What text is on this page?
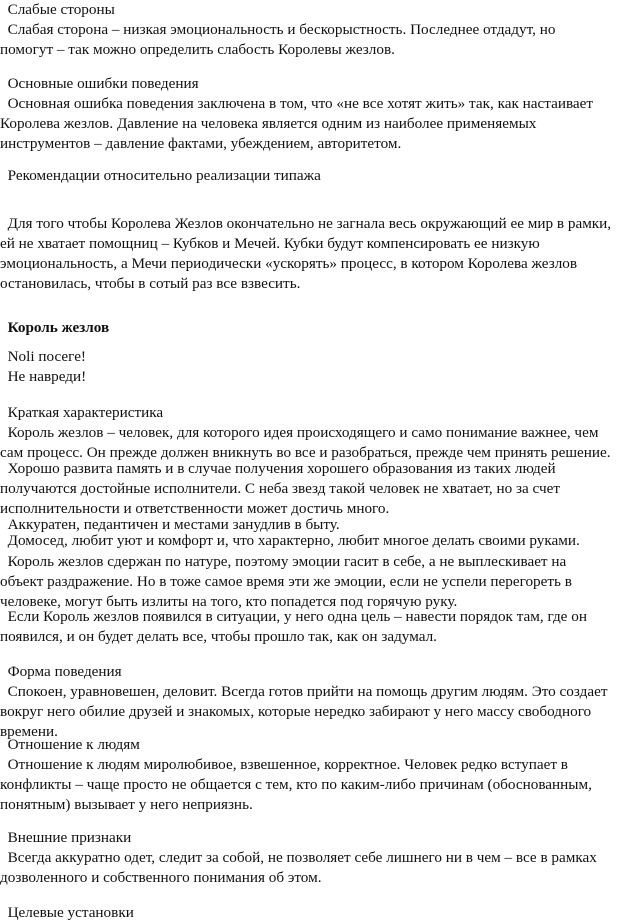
Слабые стороны

Слабая сторона – низкая эмоциональность и бескорыстность. Последнее отдадут, но помогут – так можно определить слабость Королевы жезлов.

Основные ошибки поведения

Основная ошибка поведения заключена в том, что «не все хотят жить» так, как настаивает Королева жезлов. Давление на человека является одним из наиболее применяемых инструментов – давление фактами, убеждением, авторитетом.

Рекомендации относительно реализации типажа

Для того чтобы Королева Жезлов окончательно не загнала весь окружающий ее мир в рамки, ей не хватает помощниц – Кубков и Мечей. Кубки будут компенсировать ее низкую эмоциональность, а Мечи периодически «ускорять» процесс, в котором Королева жезлов остановилась, чтобы в сотый раз все взвесить.

Король жезлов

Noli посеге!

Не навреди!

Краткая характеристика

Король жезлов – человек, для которого идея происходящего и само понимание важнее, чем сам процесс. Он прежде должен вникнуть во все и разобраться, прежде чем принять решение.

Хорошо развита память и в случае получения хорошего образования из таких людей получаются достойные исполнители. С неба звезд такой человек не хватает, но за счет исполнительности и ответственности может достичь много.

Аккуратен, педантичен и местами занудлив в быту.

Домосед, любит уют и комфорт и, что характерно, любит многое делать своими руками.

Король жезлов сдержан по натуре, поэтому эмоции гасит в себе, а не выплескивает на объект раздражение. Но в тоже самое время эти же эмоции, если не успели перегореть в человеке, могут быть излиты на того, кто попадется под горячую руку.

Если Король жезлов появился в ситуации, у него одна цель – навести порядок там, где он появился, и он будет делать все, чтобы прошло так, как он задумал.

Форма поведения

Спокоен, уравновешен, деловит. Всегда готов прийти на помощь другим людям. Это создает вокруг него обилие друзей и знакомых, которые нередко забирают у него массу свободного времени.

Отношение к людям

Отношение к людям миролюбивое, взвешенное, корректное. Человек редко вступает в конфликты – чаще просто не общается с тем, кто по каким-либо причинам (обоснованным, понятным) вызывает у него неприязнь.

Внешние признаки

Всегда аккуратно одет, следит за собой, не позволяет себе лишнего ни в чем – все в рамках дозволенного и собственного понимания об этом.

Целевые установки
